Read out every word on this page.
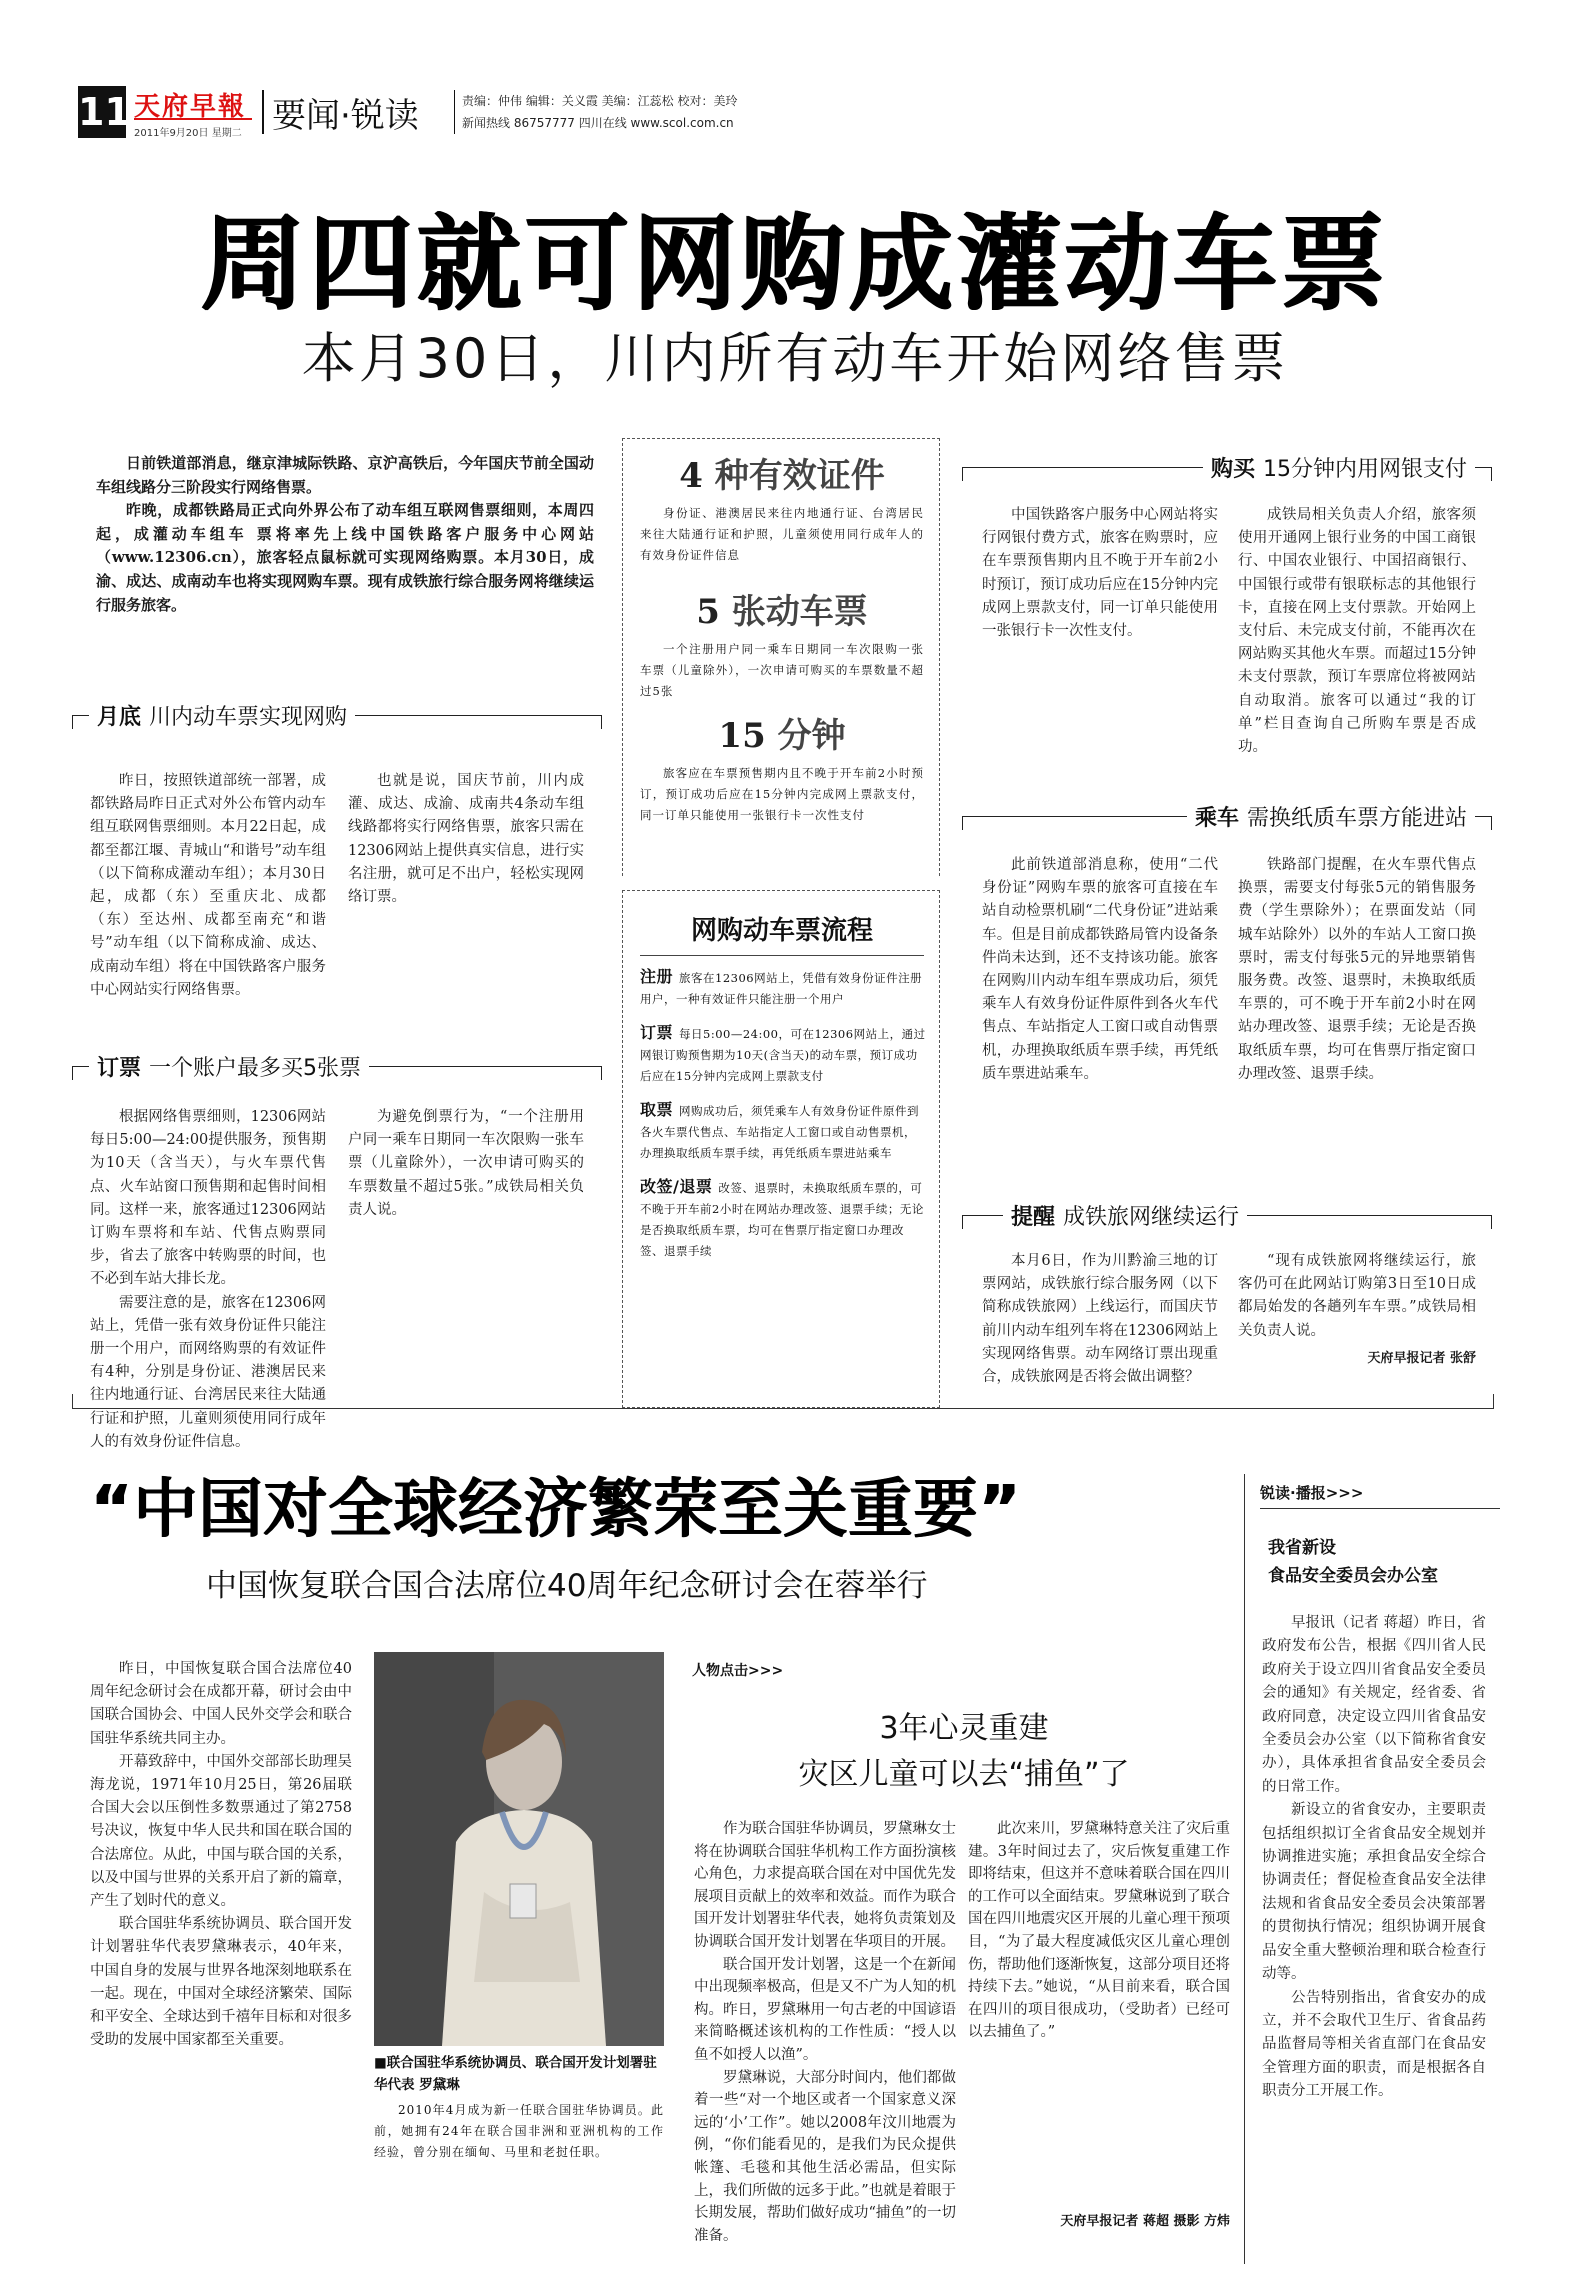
11 天府早報
2011年9月20日 星期二 要闻·锐读	责编：仲伟 编辑：关义霞 美编：江蕊松 校对：美玲
新闻热线 86757777 四川在线 www.scol.com.cn
周四就可网购成灌动车票
本月30日，川内所有动车开始网络售票

日前铁道部消息，继京津城际铁路、京沪高铁后，今年国庆节前全国动车组线路分三阶段实行网络售票。

昨晚，成都铁路局正式向外界公布了动车组互联网售票细则，本周四起，成灌动车组车 票将率先上线中国铁路客户服务中心网站（www.12306.cn），旅客轻点鼠标就可实现网络购票。本月30日，成渝、成达、成南动车也将实现网购车票。现有成铁旅行综合服务网将继续运行服务旅客。

月底 川内动车票实现网购

昨日，按照铁道部统一部署，成都铁路局昨日正式对外公布管内动车组互联网售票细则。本月22日起，成都至都江堰、青城山“和谐号”动车组（以下简称成灌动车组）；本月30日起，成都（东）至重庆北、成都（东）至达州、成都至南充“和谐号”动车组（以下简称成渝、成达、成南动车组）将在中国铁路客户服务中心网站实行网络售票。

也就是说，国庆节前，川内成灌、成达、成渝、成南共4条动车组线路都将实行网络售票，旅客只需在12306网站上提供真实信息，进行实名注册，就可足不出户，轻松实现网络订票。

订票 一个账户最多买5张票

根据网络售票细则，12306网站每日5:00—24:00提供服务，预售期为10天（含当天），与火车票代售点、火车站窗口预售期和起售时间相同。这样一来，旅客通过12306网站订购车票将和车站、代售点购票同步，省去了旅客中转购票的时间，也不必到车站大排长龙。

需要注意的是，旅客在12306网站上，凭借一张有效身份证件只能注册一个用户，而网络购票的有效证件有4种，分别是身份证、港澳居民来往内地通行证、台湾居民来往大陆通行证和护照，儿童则须使用同行成年人的有效身份证件信息。

为避免倒票行为，“一个注册用户同一乘车日期同一车次限购一张车票（儿童除外），一次申请可购买的车票数量不超过5张。”成铁局相关负责人说。

4 种有效证件

身份证、港澳居民来往内地通行证、台湾居民来往大陆通行证和护照，儿童须使用同行成年人的有效身份证件信息

5 张动车票

一个注册用户同一乘车日期同一车次限购一张车票（儿童除外），一次申请可购买的车票数量不超过5张

15 分钟

旅客应在车票预售期内且不晚于开车前2小时预订，预订成功后应在15分钟内完成网上票款支付，同一订单只能使用一张银行卡一次性支付

网购动车票流程
注册 旅客在12306网站上，凭借有效身份证件注册用户，一种有效证件只能注册一个用户
订票 每日5:00—24:00，可在12306网站上，通过网银订购预售期为10天(含当天)的动车票，预订成功后应在15分钟内完成网上票款支付
取票 网购成功后，须凭乘车人有效身份证件原件到各火车票代售点、车站指定人工窗口或自动售票机，办理换取纸质车票手续，再凭纸质车票进站乘车
改签/退票 改签、退票时，未换取纸质车票的，可不晚于开车前2小时在网站办理改签、退票手续；无论是否换取纸质车票，均可在售票厅指定窗口办理改签、退票手续
购买 15分钟内用网银支付

中国铁路客户服务中心网站将实行网银付费方式，旅客在购票时，应在车票预售期内且不晚于开车前2小时预订，预订成功后应在15分钟内完成网上票款支付，同一订单只能使用一张银行卡一次性支付。

成铁局相关负责人介绍，旅客须使用开通网上银行业务的中国工商银行、中国农业银行、中国招商银行、中国银行或带有银联标志的其他银行卡，直接在网上支付票款。开始网上支付后、未完成支付前，不能再次在网站购买其他火车票。而超过15分钟未支付票款，预订车票席位将被网站自动取消。旅客可以通过“我的订单”栏目查询自己所购车票是否成功。

乘车 需换纸质车票方能进站

此前铁道部消息称，使用“二代身份证”网购车票的旅客可直接在车站自动检票机刷“二代身份证”进站乘车。但是目前成都铁路局管内设备条件尚未达到，还不支持该功能。旅客在网购川内动车组车票成功后，须凭乘车人有效身份证件原件到各火车代售点、车站指定人工窗口或自动售票机，办理换取纸质车票手续，再凭纸质车票进站乘车。

铁路部门提醒，在火车票代售点换票，需要支付每张5元的销售服务费（学生票除外）；在票面发站（同城车站除外）以外的车站人工窗口换票时，需支付每张5元的异地票销售服务费。改签、退票时，未换取纸质车票的，可不晚于开车前2小时在网站办理改签、退票手续；无论是否换取纸质车票，均可在售票厅指定窗口办理改签、退票手续。

提醒 成铁旅网继续运行

本月6日，作为川黔渝三地的订票网站，成铁旅行综合服务网（以下简称成铁旅网）上线运行，而国庆节前川内动车组列车将在12306网站上实现网络售票。动车网络订票出现重合，成铁旅网是否将会做出调整？

“现有成铁旅网将继续运行，旅客仍可在此网站订购第3日至10日成都局始发的各趟列车车票。”成铁局相关负责人说。

天府早报记者 张舒
“中国对全球经济繁荣至关重要”
中国恢复联合国合法席位40周年纪念研讨会在蓉举行

昨日，中国恢复联合国合法席位40周年纪念研讨会在成都开幕，研讨会由中国联合国协会、中国人民外交学会和联合国驻华系统共同主办。

开幕致辞中，中国外交部部长助理吴海龙说，1971年10月25日，第26届联合国大会以压倒性多数票通过了第2758号决议，恢复中华人民共和国在联合国的合法席位。从此，中国与联合国的关系，以及中国与世界的关系开启了新的篇章，产生了划时代的意义。

联合国驻华系统协调员、联合国开发计划署驻华代表罗黛琳表示，40年来，中国自身的发展与世界各地深刻地联系在一起。现在，中国对全球经济繁荣、国际和平安全、全球达到千禧年目标和对很多受助的发展中国家都至关重要。

■联合国驻华系统协调员、联合国开发计划署驻华代表 罗黛琳

2010年4月成为新一任联合国驻华协调员。此前，她拥有24年在联合国非洲和亚洲机构的工作经验，曾分别在缅甸、马里和老挝任职。

人物点击>>>
3年心灵重建
灾区儿童可以去“捕鱼”了

作为联合国驻华协调员，罗黛琳女士将在协调联合国驻华机构工作方面扮演核心角色，力求提高联合国在对中国优先发展项目贡献上的效率和效益。而作为联合国开发计划署驻华代表，她将负责策划及协调联合国开发计划署在华项目的开展。

联合国开发计划署，这是一个在新闻中出现频率极高，但是又不广为人知的机构。昨日，罗黛琳用一句古老的中国谚语来简略概述该机构的工作性质：“授人以鱼不如授人以渔”。

罗黛琳说，大部分时间内，他们都做着一些“对一个地区或者一个国家意义深远的‘小’工作”。她以2008年汶川地震为例，“你们能看见的，是我们为民众提供帐篷、毛毯和其他生活必需品，但实际上，我们所做的远多于此。”也就是着眼于长期发展，帮助们做好成功“捕鱼”的一切准备。

此次来川，罗黛琳特意关注了灾后重建。3年时间过去了，灾后恢复重建工作即将结束，但这并不意味着联合国在四川的工作可以全面结束。罗黛琳说到了联合国在四川地震灾区开展的儿童心理干预项目，“为了最大程度减低灾区儿童心理创伤，帮助他们逐渐恢复，这部分项目还将持续下去。”她说，“从目前来看，联合国在四川的项目很成功，（受助者）已经可以去捕鱼了。”

天府早报记者 蒋超 摄影 方炜
锐读·播报>>>
我省新设
食品安全委员会办公室

早报讯（记者 蒋超）昨日，省政府发布公告，根据《四川省人民政府关于设立四川省食品安全委员会的通知》有关规定，经省委、省政府同意，决定设立四川省食品安全委员会办公室（以下简称省食安办），具体承担省食品安全委员会的日常工作。

新设立的省食安办，主要职责包括组织拟订全省食品安全规划并协调推进实施；承担食品安全综合协调责任；督促检查食品安全法律法规和省食品安全委员会决策部署的贯彻执行情况；组织协调开展食品安全重大整顿治理和联合检查行动等。

公告特别指出，省食安办的成立，并不会取代卫生厅、省食品药品监督局等相关省直部门在食品安全管理方面的职责，而是根据各自职责分工开展工作。
